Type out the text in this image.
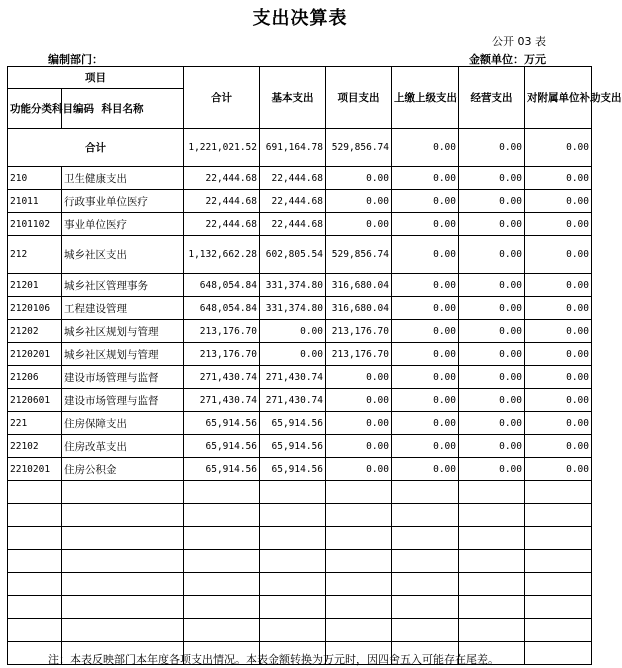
支出决算表
公开 03 表
编制部门：	金额单位：万元
项目		合计	基本支出	项目支出	上缴上级支出	经营支出	对附属单位补助支出
功能分类科目编码	科目名称						
合计		1,221,021.52	691,164.78	529,856.74	0.00	0.00	0.00
210	卫生健康支出	22,444.68	22,444.68	0.00	0.00	0.00	0.00
21011	行政事业单位医疗	22,444.68	22,444.68	0.00	0.00	0.00	0.00
2101102	事业单位医疗	22,444.68	22,444.68	0.00	0.00	0.00	0.00
212	城乡社区支出	1,132,662.28	602,805.54	529,856.74	0.00	0.00	0.00
21201	城乡社区管理事务	648,054.84	331,374.80	316,680.04	0.00	0.00	0.00
2120106	工程建设管理	648,054.84	331,374.80	316,680.04	0.00	0.00	0.00
21202	城乡社区规划与管理	213,176.70	0.00	213,176.70	0.00	0.00	0.00
2120201	城乡社区规划与管理	213,176.70	0.00	213,176.70	0.00	0.00	0.00
21206	建设市场管理与监督	271,430.74	271,430.74	0.00	0.00	0.00	0.00
2120601	建设市场管理与监督	271,430.74	271,430.74	0.00	0.00	0.00	0.00
221	住房保障支出	65,914.56	65,914.56	0.00	0.00	0.00	0.00
22102	住房改革支出	65,914.56	65,914.56	0.00	0.00	0.00	0.00
2210201	住房公积金	65,914.56	65,914.56	0.00	0.00	0.00	0.00

注：本表反映部门本年度各项支出情况。本表金额转换为万元时，因四舍五入可能存在尾差。
